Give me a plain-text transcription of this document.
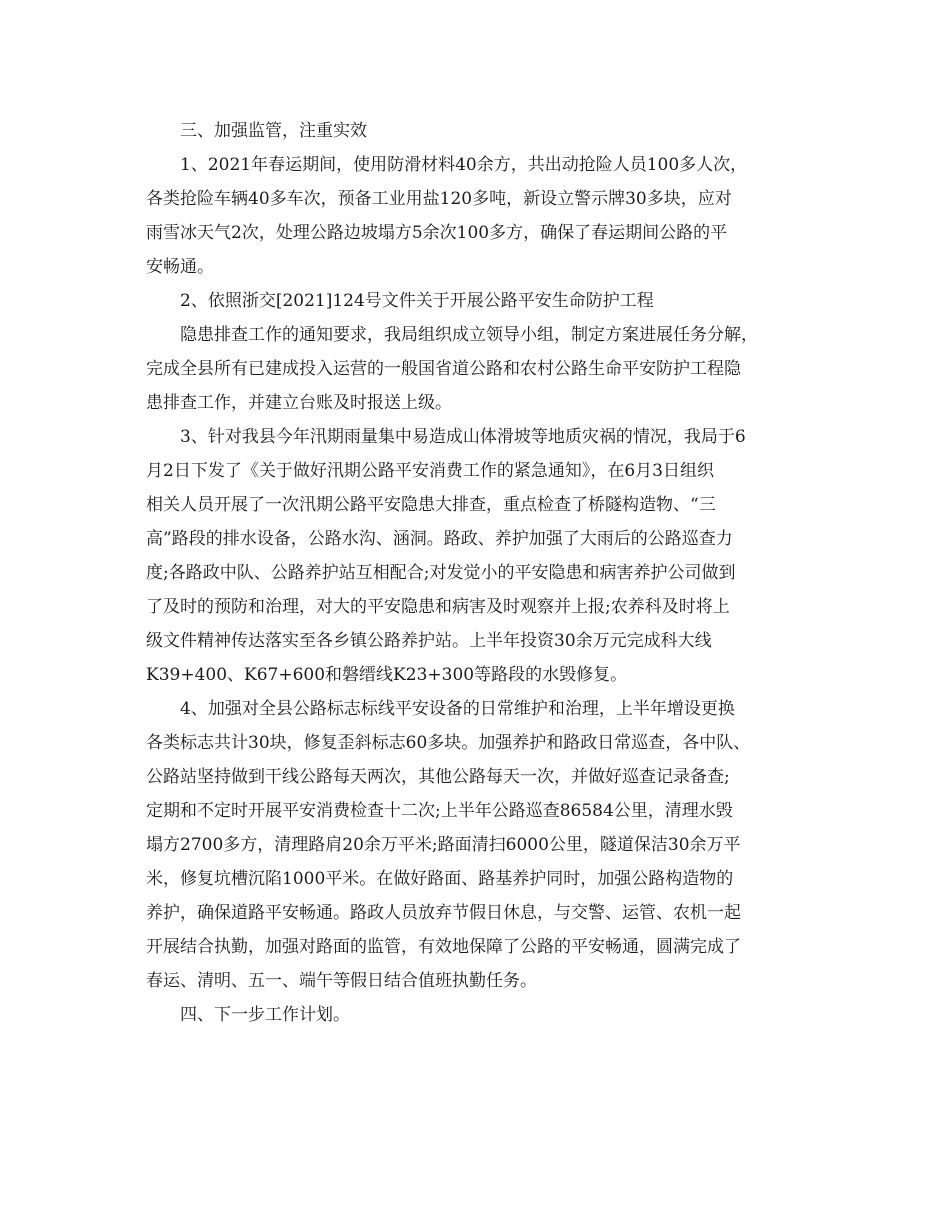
三、加强监管，注重实效
1、2021年春运期间，使用防滑材料40余方，共出动抢险人员100多人次，
各类抢险车辆40多车次，预备工业用盐120多吨，新设立警示牌30多块，应对
雨雪冰天气2次，处理公路边坡塌方5余次100多方，确保了春运期间公路的平
安畅通。
2、依照浙交[2021]124号文件关于开展公路平安生命防护工程
隐患排查工作的通知要求，我局组织成立领导小组，制定方案进展任务分解，
完成全县所有已建成投入运营的一般国省道公路和农村公路生命平安防护工程隐
患排查工作，并建立台账及时报送上级。
3、针对我县今年汛期雨量集中易造成山体滑坡等地质灾祸的情况，我局于6
月2日下发了《关于做好汛期公路平安消费工作的紧急通知》，在6月3日组织
相关人员开展了一次汛期公路平安隐患大排查，重点检查了桥隧构造物、“三
高”路段的排水设备，公路水沟、涵洞。路政、养护加强了大雨后的公路巡查力
度;各路政中队、公路养护站互相配合;对发觉小的平安隐患和病害养护公司做到
了及时的预防和治理，对大的平安隐患和病害及时观察并上报;农养科及时将上
级文件精神传达落实至各乡镇公路养护站。上半年投资30余万元完成科大线
K39+400、K67+600和磐缙线K23+300等路段的水毁修复。
4、加强对全县公路标志标线平安设备的日常维护和治理，上半年增设更换
各类标志共计30块，修复歪斜标志60多块。加强养护和路政日常巡查，各中队、
公路站坚持做到干线公路每天两次，其他公路每天一次，并做好巡查记录备查;
定期和不定时开展平安消费检查十二次;上半年公路巡查86584公里，清理水毁
塌方2700多方，清理路肩20余万平米;路面清扫6000公里，隧道保洁30余万平
米，修复坑槽沉陷1000平米。在做好路面、路基养护同时，加强公路构造物的
养护，确保道路平安畅通。路政人员放弃节假日休息，与交警、运管、农机一起
开展结合执勤，加强对路面的监管，有效地保障了公路的平安畅通，圆满完成了
春运、清明、五一、端午等假日结合值班执勤任务。
四、下一步工作计划。
